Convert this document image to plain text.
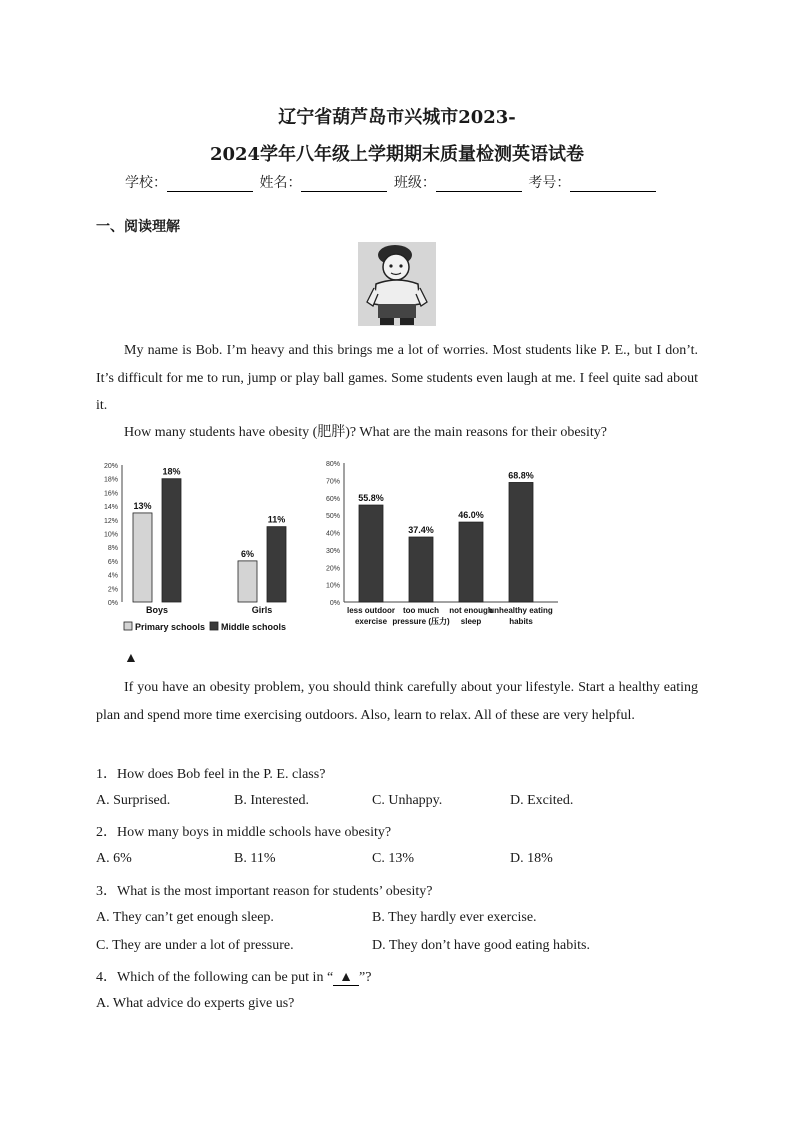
辽宁省葫芦岛市兴城市2023-
2024学年八年级上学期期末质量检测英语试卷
学校：	姓名：	班级：	考号：
一、阅读理解

My name is Bob. I’m heavy and this brings me a lot of worries. Most students like P. E., but I don’t. It’s difficult for me to run, jump or play ball games. Some students even laugh at me. I feel quite sad about it.

How many students have obesity (肥胖)? What are the main reasons for their obesity?

0%
2%
4%
6%
8%
10%
12%
14%
16%
18%
20%
13%
18%
Boys
6%
11%
Girls
Primary schools Middle schools
0%
10%
20%
30%
40%
50%
60%
70%
80%
55.8%
less outdoor
exercise
37.4%
too much
pressure (压力)
46.0%
not enough
sleep
68.8%
unhealthy eating
habits
▲

If you have an obesity problem, you should think carefully about your lifestyle. Start a healthy eating plan and spend more time exercising outdoors. Also, learn to relax. All of these are very helpful.

1．How does Bob feel in the P. E. class?
A. Surprised.	B. Interested.	C. Unhappy.	D. Excited.
2．How many boys in middle schools have obesity?
A. 6%	B. 11%	C. 13%	D. 18%
3．What is the most important reason for students’ obesity?
A. They can’t get enough sleep.	B. They hardly ever exercise.
C. They are under a lot of pressure.	D. They don’t have good eating habits.
4．Which of the following can be put in “ ▲ ”?
A. What advice do experts give us?
